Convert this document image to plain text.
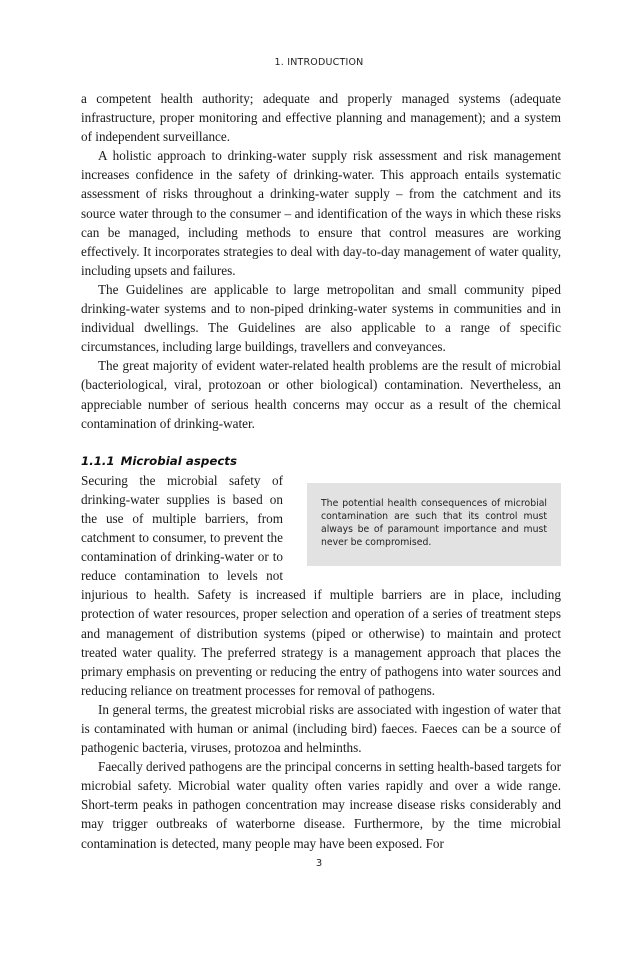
1. INTRODUCTION

a competent health authority; adequate and properly managed systems (adequate infrastructure, proper monitoring and effective planning and management); and a system of independent surveillance.

A holistic approach to drinking-water supply risk assessment and risk management increases confidence in the safety of drinking-water. This approach entails systematic assessment of risks throughout a drinking-water supply – from the catchment and its source water through to the consumer – and identification of the ways in which these risks can be managed, including methods to ensure that control measures are working effectively. It incorporates strategies to deal with day-to-day management of water quality, including upsets and failures.

The Guidelines are applicable to large metropolitan and small community piped drinking-water systems and to non-piped drinking-water systems in communities and in individual dwellings. The Guidelines are also applicable to a range of specific circumstances, including large buildings, travellers and conveyances.

The great majority of evident water-related health problems are the result of microbial (bacteriological, viral, protozoan or other biological) contamination. Nevertheless, an appreciable number of serious health concerns may occur as a result of the chemical contamination of drinking-water.

1.1.1 Microbial aspects
The potential health consequences of microbial contamination are such that its control must always be of paramount importance and must never be compromised.

Securing the microbial safety of drinking-water supplies is based on the use of multiple barriers, from catchment to consumer, to prevent the contamination of drinking-water or to reduce contamination to levels not injurious to health. Safety is increased if multiple barriers are in place, including protection of water resources, proper selection and operation of a series of treatment steps and management of distribution systems (piped or otherwise) to maintain and protect treated water quality. The preferred strategy is a management approach that places the primary emphasis on preventing or reducing the entry of pathogens into water sources and reducing reliance on treatment processes for removal of pathogens.

In general terms, the greatest microbial risks are associated with ingestion of water that is contaminated with human or animal (including bird) faeces. Faeces can be a source of pathogenic bacteria, viruses, protozoa and helminths.

Faecally derived pathogens are the principal concerns in setting health-based targets for microbial safety. Microbial water quality often varies rapidly and over a wide range. Short-term peaks in pathogen concentration may increase disease risks considerably and may trigger outbreaks of waterborne disease. Furthermore, by the time microbial contamination is detected, many people may have been exposed. For

3
